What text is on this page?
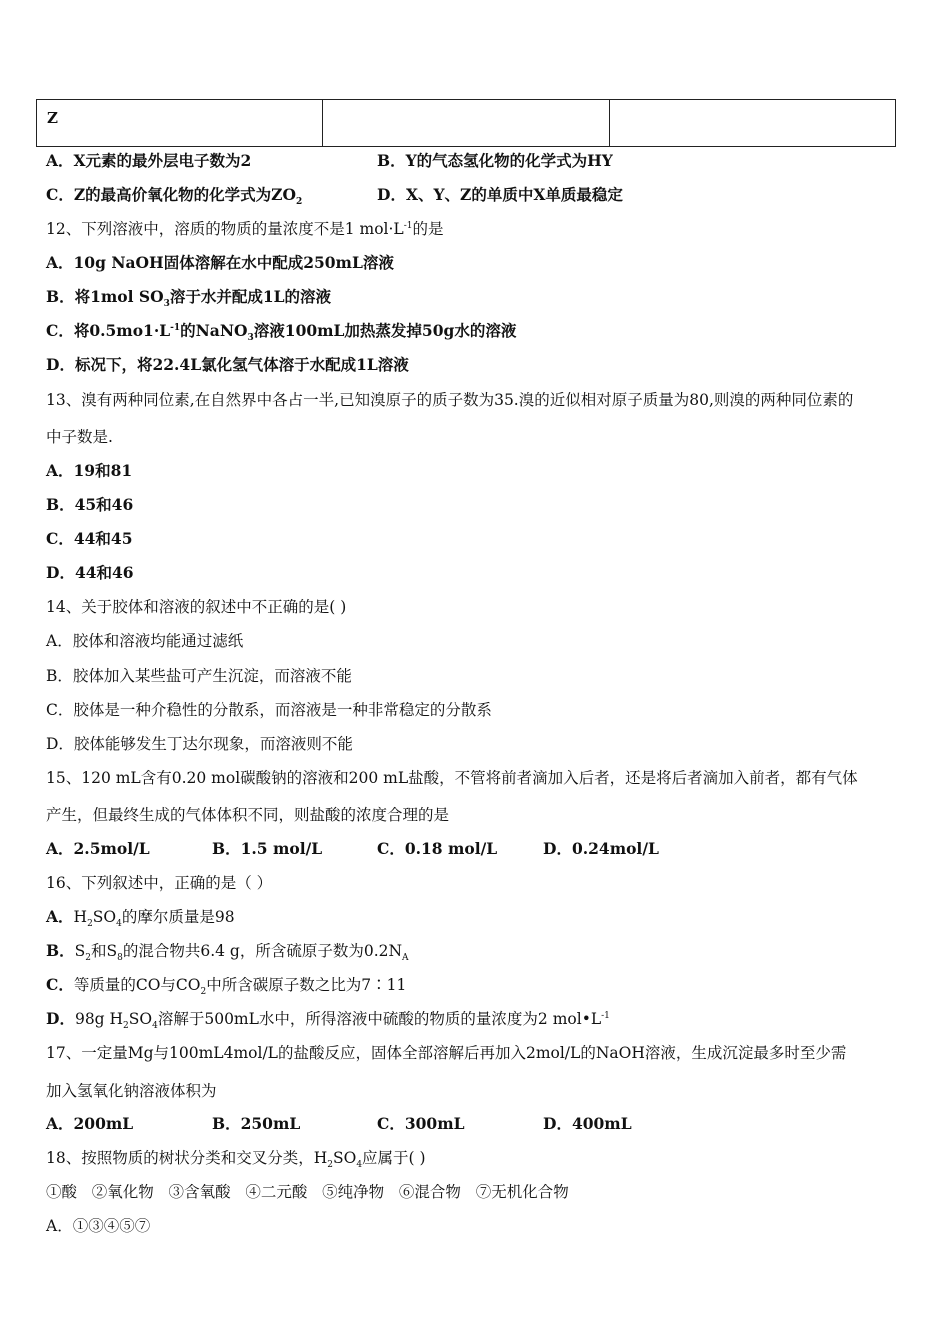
Z		
A．X元素的最外层电子数为2	B．Y的气态氢化物的化学式为HY
C．Z的最高价氧化物的化学式为$ZO_2$	D．X、Y、Z的单质中X单质最稳定
12、下列溶液中，溶质的物质的量浓度不是1 $mol\cdot L^{-1}$的是
A．10g NaOH固体溶解在水中配成250mL溶液
B．将1mol $SO_3$溶于水并配成1L的溶液
C．将$0.5mo1\cdot L^{-1}$的NaNO$_3$溶液100mL加热蒸发掉50g水的溶液
D．标况下，将22.4L氯化氢气体溶于水配成1L溶液
13、溴有两种同位素,在自然界中各占一半,已知溴原子的质子数为35.溴的近似相对原子质量为80,则溴的两种同位素的
中子数是.
A．19和81
B．45和46
C．44和45
D．44和46
14、关于胶体和溶液的叙述中不正确的是( )
A．胶体和溶液均能通过滤纸
B．胶体加入某些盐可产生沉淀，而溶液不能
C．胶体是一种介稳性的分散系，而溶液是一种非常稳定的分散系
D．胶体能够发生丁达尔现象，而溶液则不能
15、120 mL含有0.20 mol碳酸钠的溶液和200 mL盐酸，不管将前者滴加入后者，还是将后者滴加入前者，都有气体
产生，但最终生成的气体体积不同，则盐酸的浓度合理的是
A．2.5mol/L	B．1.5 mol/L	C．0.18 mol/L	D．0.24mol/L
16、下列叙述中，正确的是（ ）
A．$H_2SO_4$的摩尔质量是98
B．$S_2$和$S_8$的混合物共6.4 g，所含硫原子数为$0.2N_A$
C．等质量的CO与$CO_2$中所含碳原子数之比为7∶11
D．98g $H_2SO_4$溶解于500mL水中，所得溶液中硫酸的物质的量浓度为2 $mol•L^{-1}$
17、一定量Mg与100mL4mol/L的盐酸反应，固体全部溶解后再加入2mol/L的NaOH溶液，生成沉淀最多时至少需
加入氢氧化钠溶液体积为
A．200mL	B．250mL	C．300mL	D．400mL
18、按照物质的树状分类和交叉分类，$H_2SO_4$应属于( )
①酸   ②氧化物   ③含氧酸   ④二元酸   ⑤纯净物   ⑥混合物   ⑦无机化合物
A．①③④⑤⑦
